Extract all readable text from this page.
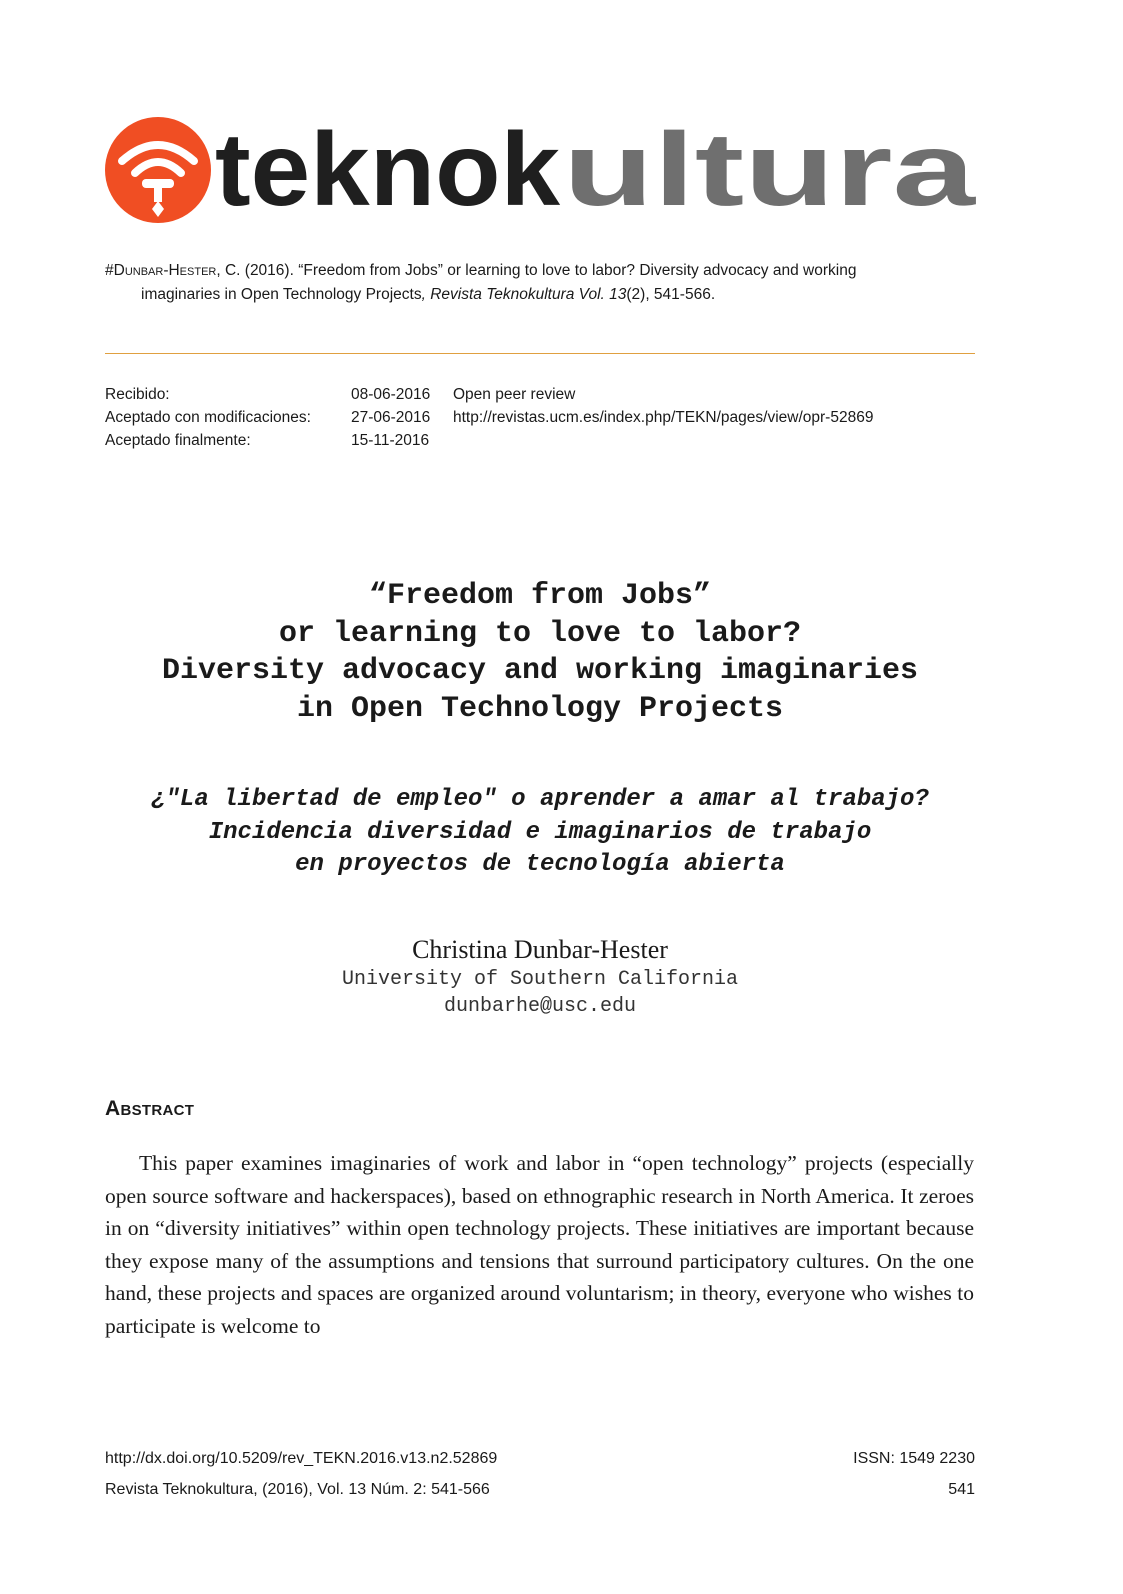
teknok ultura
#Dunbar-Hester, C. (2016). “Freedom from Jobs” or learning to love to labor? Diversity advocacy and working
imaginaries in Open Technology Projects, Revista Teknokultura Vol. 13(2), 541-566.
Recibido:	08-06-2016	Open peer review
Aceptado con modificaciones:	27-06-2016	http://revistas.ucm.es/index.php/TEKN/pages/view/opr-52869
Aceptado finalmente:	15-11-2016
“Freedom from Jobs”
or learning to love to labor?
Diversity advocacy and working imaginaries
in Open Technology Projects
¿"La libertad de empleo" o aprender a amar al trabajo?
Incidencia diversidad e imaginarios de trabajo
en proyectos de tecnología abierta
Christina Dunbar-Hester
University of Southern California
dunbarhe@usc.edu
Abstract
This paper examines imaginaries of work and labor in “open technology” projects (especially open source software and hackerspaces), based on ethnographic research in North America. It zeroes in on “diversity initiatives” within open technology projects. These initiatives are important because they expose many of the assumptions and tensions that surround participatory cultures. On the one hand, these projects and spaces are organized around voluntarism; in theory, everyone who wishes to participate is welcome to
http://dx.doi.org/10.5209/rev_TEKN.2016.v13.n2.52869
Revista Teknokultura, (2016), Vol. 13 Núm. 2: 541-566
ISSN: 1549 2230
541
